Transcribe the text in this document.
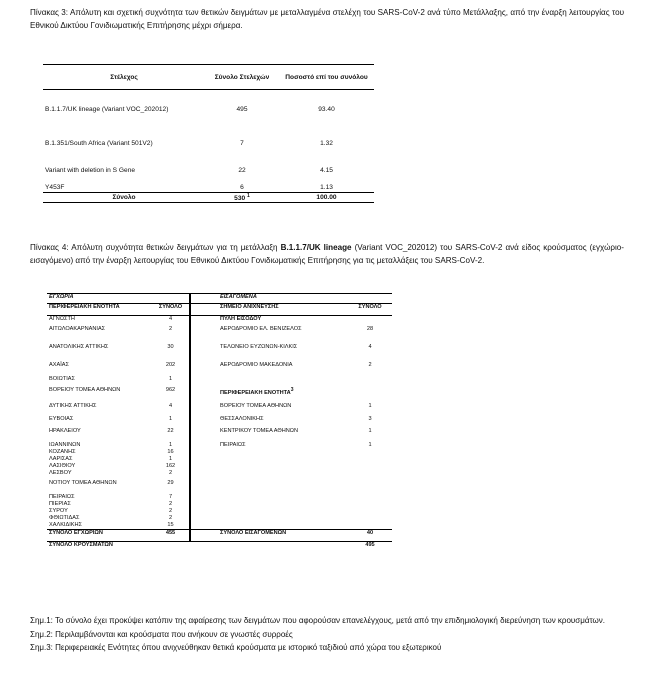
Πίνακας 3: Απόλυτη και σχετική συχνότητα των θετικών δειγμάτων με μεταλλαγμένα στελέχη του SARS-CoV-2 ανά τύπο Μετάλλαξης, από την έναρξη λειτουργίας του Εθνικού Δικτύου Γονιδιωματικής Επιτήρησης μέχρι σήμερα.
Στέλεχος	Σύνολο Στελεχών	Ποσοστό επί του συνόλου
B.1.1.7/UK lineage (Variant VOC_202012)	495	93.40
B.1.351/South Africa (Variant 501V2)	7	1.32
Variant with deletion in S Gene	22	4.15
Y453F	6	1.13
Σύνολο	530 $^1$	100.00
Πίνακας 4: Απόλυτη συχνότητα θετικών δειγμάτων για τη μετάλλαξη B.1.1.7/UK lineage (Variant VOC_202012) του SARS-CoV-2 ανά είδος κρούσματος (εγχώριο-εισαγόμενο) από την έναρξη λειτουργίας του Εθνικού Δικτύου Γονιδιωματικής Επιτήρησης για τις μεταλλάξεις του SARS-CoV-2.
ΕΓΧΩΡΙΑ			ΕΙΣΑΓΟΜΕΝΑ	
ΠΕΡΙΦΕΡΕΙΑΚΗ ΕΝΟΤΗΤΑ	ΣΥΝΟΛΟ		ΣΗΜΕΙΟ ΑΝΙΧΝΕΥΣΗΣ	ΣΥΝΟΛΟ
ΑΓΝΩΣΤΗ	4		ΠΥΛΗ ΕΙΣΟΔΟΥ	
ΑΙΤΩΛΟΑΚΑΡΝΑΝΙΑΣ	2		ΑΕΡΟΔΡΟΜΙΟ ΕΛ. ΒΕΝΙΖΕΛΟΣ	28
ΑΝΑΤΟΛΙΚΗΣ ΑΤΤΙΚΗΣ	30		ΤΕΛΩΝΕΙΟ ΕΥΖΩΝΩΝ-ΚΙΛΚΙΣ	4
ΑΧΑΪΑΣ	202		ΑΕΡΟΔΡΟΜΙΟ ΜΑΚΕΔΟΝΙΑ	2
ΒΟΙΩΤΙΑΣ	1			
ΒΟΡΕΙΟΥ ΤΟΜΕΑ ΑΘΗΝΩΝ	962		ΠΕΡΙΦΕΡΕΙΑΚΗ ΕΝΟΤΗΤΑ$^3$	
ΔΥΤΙΚΗΣ ΑΤΤΙΚΗΣ	4		ΒΟΡΕΙΟΥ ΤΟΜΕΑ ΑΘΗΝΩΝ	1
ΕΥΒΟΙΑΣ	1		ΘΕΣΣΑΛΟΝΙΚΗΣ	3
ΗΡΑΚΛΕΙΟΥ	22		ΚΕΝΤΡΙΚΟΥ ΤΟΜΕΑ ΑΘΗΝΩΝ	1
ΙΩΑΝΝΙΝΩΝ	1		ΠΕΙΡΑΙΩΣ	1
ΚΟΖΑΝΗΣ	16			
ΛΑΡΙΣΑΣ	1			
ΛΑΣΙΘΙΟΥ	162			
ΛΕΣΒΟΥ	2			
ΝΟΤΙΟΥ ΤΟΜΕΑ ΑΘΗΝΩΝ	29			
ΠΕΙΡΑΙΩΣ	7			
ΠΙΕΡΙΑΣ	2			
ΣΥΡΟΥ	2			
ΦΘΙΩΤΙΔΑΣ	2			
ΧΑΛΚΙΔΙΚΗΣ	15			
ΣΥΝΟΛΟ ΕΓΧΩΡΙΩΝ	455		ΣΥΝΟΛΟ ΕΙΣΑΓΟΜΕΝΩΝ	40
ΣΥΝΟΛΟ ΚΡΟΥΣΜΑΤΩΝ				495
Σημ.1: Το σύνολο έχει προκύψει κατόπιν της αφαίρεσης των δειγμάτων που αφορούσαν επανελέγχους, μετά από την επιδημιολογική διερεύνηση των κρουσμάτων.
Σημ.2: Περιλαμβάνονται και κρούσματα που ανήκουν σε γνωστές συρροές
Σημ.3: Περιφερειακές Ενότητες όπου ανιχνεύθηκαν θετικά κρούσματα με ιστορικό ταξιδιού από χώρα του εξωτερικού
